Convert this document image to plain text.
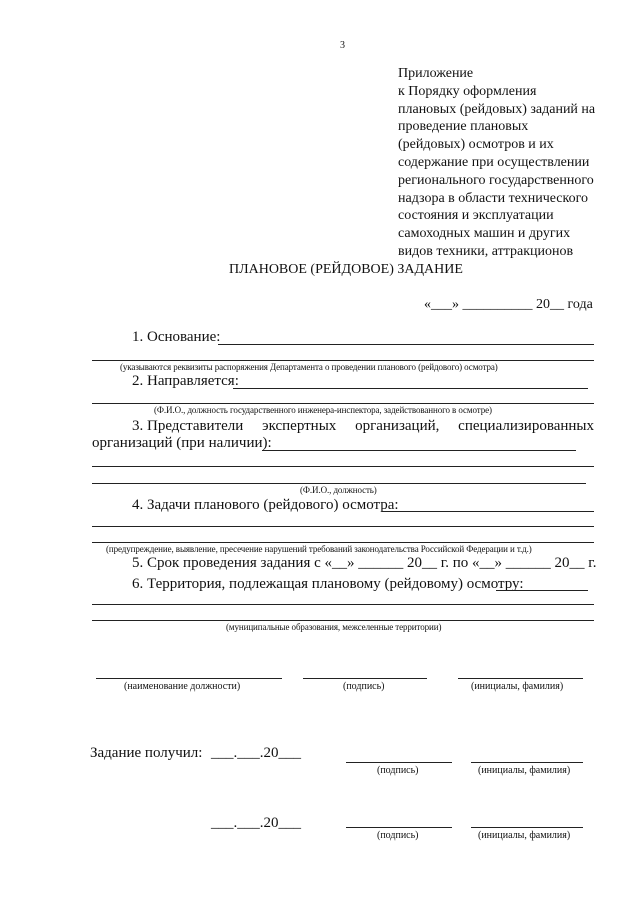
3
Приложение
к Порядку оформления
плановых (рейдовых) заданий на
проведение плановых
(рейдовых) осмотров и их
содержание при осуществлении
регионального государственного
надзора в области технического
состояния и эксплуатации
самоходных машин и других
видов техники, аттракционов
ПЛАНОВОЕ (РЕЙДОВОЕ) ЗАДАНИЕ
«___» __________ 20__ года
1. Основание:
(указываются реквизиты распоряжения Департамента о проведении планового (рейдового) осмотра)
2. Направляется:
(Ф.И.О., должность государственного инженера-инспектора, задействованного в осмотре)
3. Представители экспертных организаций, специализированных
организаций (при наличии):
(Ф.И.О., должность)
4. Задачи планового (рейдового) осмотра:
(предупреждение, выявление, пресечение нарушений требований законодательства Российской Федерации и т.д.)
5. Срок проведения задания с «__» ______ 20__ г. по «__» ______ 20__ г.
6. Территория, подлежащая плановому (рейдовому) осмотру:
(муниципальные образования, межселенные территории)
(наименование должности)	(подпись)	(инициалы, фамилия)
Задание получил: ___.___.20___
(подпись)	(инициалы, фамилия)
___.___.20___
(подпись)	(инициалы, фамилия)
